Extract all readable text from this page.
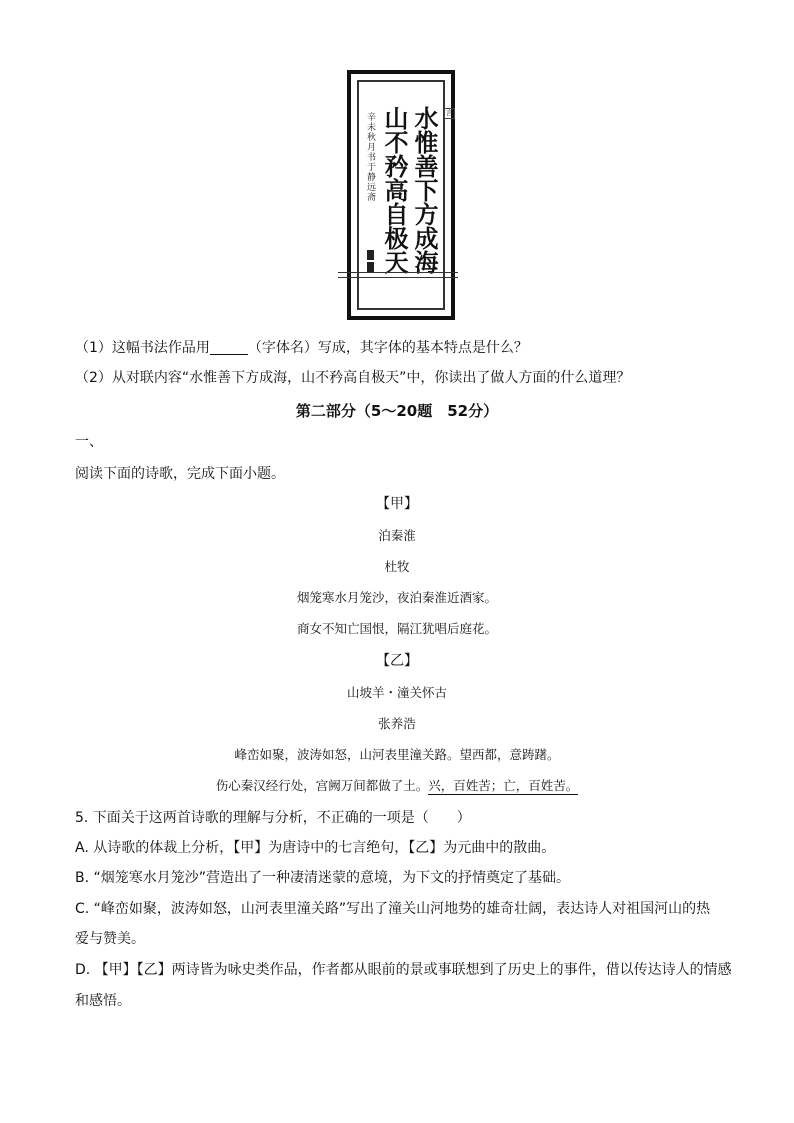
水惟善下方成海
山不矜高自极天
辛未秋月书于静远斋	言
（1）这幅书法作品用	（字体名）写成，其字体的基本特点是什么？
（2）从对联内容“水惟善下方成海，山不矜高自极天”中，你读出了做人方面的什么道理？
第二部分（5～20题　52分）
一、
阅读下面的诗歌，完成下面小题。
【甲】
泊秦淮
杜牧
烟笼寒水月笼沙，夜泊秦淮近酒家。
商女不知亡国恨，隔江犹唱后庭花。
【乙】
山坡羊・潼关怀古
张养浩
峰峦如聚，波涛如怒，山河表里潼关路。望西都，意踌躇。
伤心秦汉经行处，宫阙万间都做了土。兴，百姓苦；亡，百姓苦。
5. 下面关于这两首诗歌的理解与分析，不正确的一项是（　　）
A. 从诗歌的体裁上分析，【甲】为唐诗中的七言绝句，【乙】为元曲中的散曲。
B. “烟笼寒水月笼沙”营造出了一种凄清迷蒙的意境，为下文的抒情奠定了基础。
C. “峰峦如聚，波涛如怒，山河表里潼关路”写出了潼关山河地势的雄奇壮阔，表达诗人对祖国河山的热
爱与赞美。
D. 【甲】【乙】两诗皆为咏史类作品，作者都从眼前的景或事联想到了历史上的事件，借以传达诗人的情感
和感悟。
